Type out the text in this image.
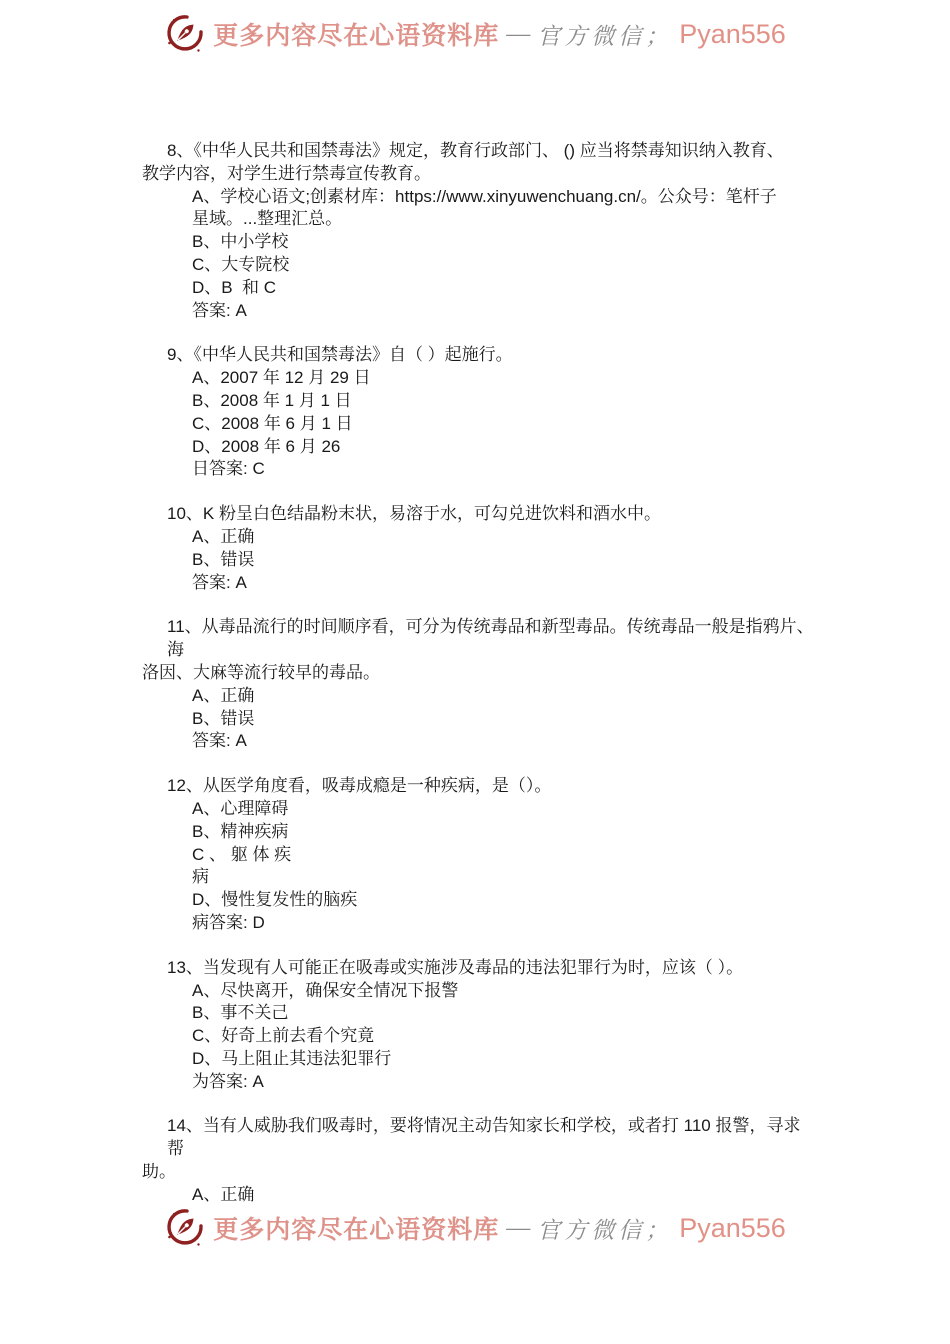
更多内容尽在心语资料库 — 官方微信； Pyan556
8、《中华人民共和国禁毒法》规定，教育行政部门、 () 应当将禁毒知识纳入教育、
教学内容，对学生进行禁毒宣传教育。
A、学校心语文;创素材库：https://www.xinyuwenchuang.cn/。公众号：笔杆子
星域。...整理汇总。
B、中小学校
C、大专院校
D、B  和 C
答案: A
9、《中华人民共和国禁毒法》自（ ）起施行。
A、2007 年 12 月 29 日
B、2008 年 1 月 1 日
C、2008 年 6 月 1 日
D、2008 年 6 月 26
日答案: C
10、K 粉呈白色结晶粉末状，易溶于水，可勾兑进饮料和酒水中。
A、正确
B、错误
答案: A
11、从毒品流行的时间顺序看，可分为传统毒品和新型毒品。传统毒品一般是指鸦片、海
洛因、大麻等流行较早的毒品。
A、正确
B、错误
答案: A
12、从医学角度看，吸毒成瘾是一种疾病，是（）。
A、心理障碍
B、精神疾病
C 、 躯 体 疾
病
D、慢性复发性的脑疾
病答案: D
13、当发现有人可能正在吸毒或实施涉及毒品的违法犯罪行为时，应该（ ）。
A、尽快离开，确保安全情况下报警
B、事不关己
C、好奇上前去看个究竟
D、马上阻止其违法犯罪行
为答案: A
14、当有人威胁我们吸毒时，要将情况主动告知家长和学校，或者打 110 报警，寻求帮
助。
A、正确
更多内容尽在心语资料库 — 官方微信； Pyan556
